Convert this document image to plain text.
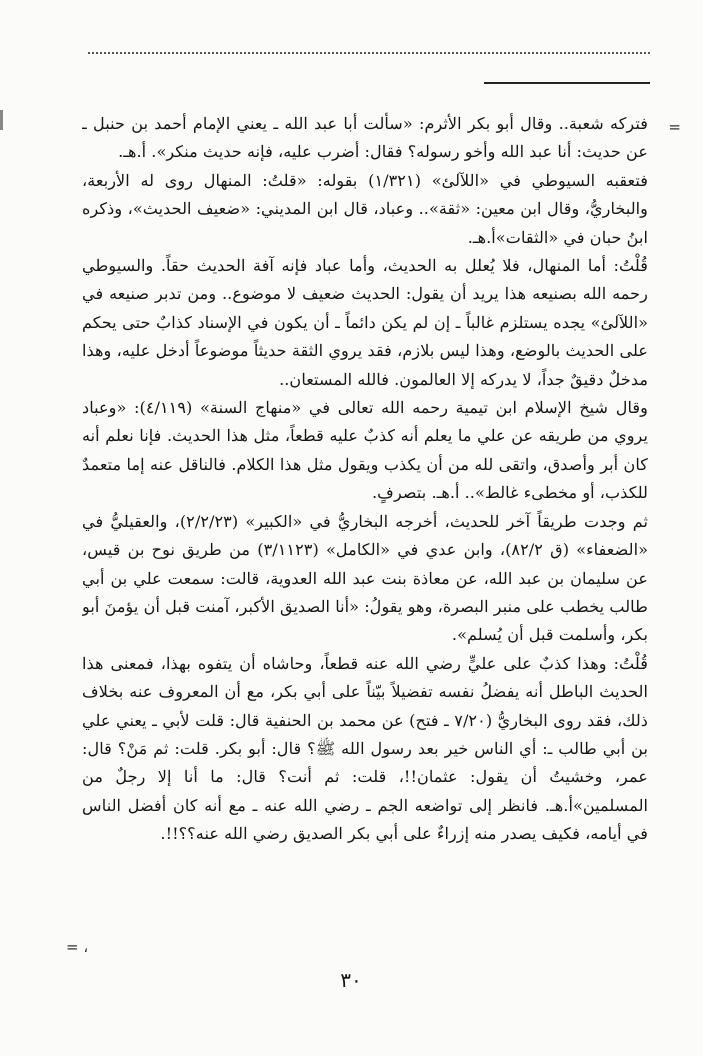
=
= ،

فتركه شعبة.. وقال أبو بكر الأثرم: «سألت أبا عبد الله ـ يعني الإمام أحمد بن حنبل ـ عن حديث: أنا عبد الله وأخو رسوله؟ فقال: أضرب عليه، فإنه حديث منكر». أ.هـ.

فتعقبه السيوطي في «اللآلئ» (١/٣٢١) بقوله: «قلتُ: المنهال روى له الأربعة، والبخاريُّ، وقال ابن معين: «ثقة».. وعباد، قال ابن المديني: «ضعيف الحديث»، وذكره ابنُ حبان في «الثقات»أ.هـ.

قُلْتُ: أما المنهال، فلا يُعلل به الحديث، وأما عباد فإنه آفة الحديث حقاً. والسيوطي رحمه الله بصنيعه هذا يريد أن يقول: الحديث ضعيف لا موضوع.. ومن تدبر صنيعه في «اللآلئ» يجده يستلزم غالباً ـ إن لم يكن دائماً ـ أن يكون في الإسناد كذابٌ حتى يحكم على الحديث بالوضع، وهذا ليس بلازم، فقد يروي الثقة حديثاً موضوعاً أدخل عليه، وهذا مدخلٌ دقيقٌ جداً، لا يدركه إلا العالمون. فالله المستعان..

وقال شيخ الإسلام ابن تيمية رحمه الله تعالى في «منهاج السنة» (٤/١١٩): «وعباد يروي من طريقه عن علي ما يعلم أنه كذبٌ عليه قطعاً، مثل هذا الحديث. فإنا نعلم أنه كان أبر وأصدق، واتقى لله من أن يكذب ويقول مثل هذا الكلام. فالناقل عنه إما متعمدٌ للكذب، أو مخطىء غالط».. أ.هـ. بتصرفٍ.

ثم وجدت طريقاً آخر للحديث، أخرجه البخاريُّ في «الكبير» (٢/٢/٢٣)، والعقيليُّ في «الضعفاء» (ق ٨٢/٢)، وابن عدي في «الكامل» (٣/١١٢٣) من طريق نوح بن قيس، عن سليمان بن عبد الله، عن معاذة بنت عبد الله العدوية، قالت: سمعت علي بن أبي طالب يخطب على منبر البصرة، وهو يقولُ: «أنا الصديق الأكبر، آمنت قبل أن يؤمنَ أبو بكر، وأسلمت قبل أن يُسلم».

قُلْتُ: وهذا كذبٌ على عليٍّ رضي الله عنه قطعاً، وحاشاه أن يتفوه بهذا، فمعنى هذا الحديث الباطل أنه يفضلُ نفسه تفضيلاً بيّناً على أبي بكر، مع أن المعروف عنه بخلاف ذلك، فقد روى البخاريُّ (٧/٢٠ ـ فتح) عن محمد بن الحنفية قال: قلت لأبي ـ يعني علي بن أبي طالب ـ: أي الناس خير بعد رسول الله ﷺ؟ قال: أبو بكر. قلت: ثم مَنْ؟ قال: عمر، وخشيتُ أن يقول: عثمان!!، قلت: ثم أنت؟ قال: ما أنا إلا رجلٌ من المسلمين»أ.هـ. فانظر إلى تواضعه الجم ـ رضي الله عنه ـ مع أنه كان أفضل الناس في أيامه، فكيف يصدر منه إزراءٌ على أبي بكر الصديق رضي الله عنه؟؟!!.

٣٠
